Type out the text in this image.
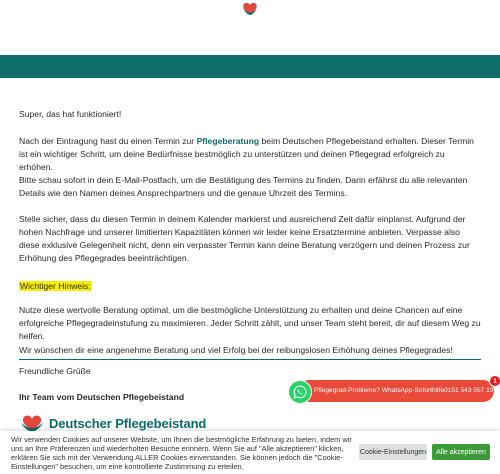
Super, das hat funktioniert!

Nach der Eintragung hast du einen Termin zur Pflegeberatung beim Deutschen Pflegebeistand erhalten. Dieser Termin ist ein wichtiger Schritt, um deine Bedürfnisse bestmöglich zu unterstützen und deinen Pflegegrad erfolgreich zu erhöhen.

Bitte schau sofort in dein E-Mail-Postfach, um die Bestätigung des Termins zu finden. Darin erfährst du alle relevanten Details wie den Namen deines Ansprechpartners und die genaue Uhrzeit des Termins.

Stelle sicher, dass du diesen Termin in deinem Kalender markierst und ausreichend Zeit dafür einplanst. Aufgrund der hohen Nachfrage und unserer limitierten Kapazitäten können wir leider keine Ersatztermine anbieten. Verpasse also diese exklusive Gelegenheit nicht, denn ein verpasster Termin kann deine Beratung verzögern und deinen Prozess zur Erhöhung des Pflegegrades beeinträchtigen.

Wichtiger Hinweis:

Nutze diese wertvolle Beratung optimal, um die bestmögliche Unterstützung zu erhalten und deine Chancen auf eine erfolgreiche Pflegegradeinstufung zu maximieren. Jeder Schritt zählt, und unser Team steht bereit, dir auf diesem Weg zu helfen.

Wir wünschen dir eine angenehme Beratung und viel Erfolg bei der reibungslosen Erhöhung deines Pflegegrades!

Freundliche Grüße

Ihr Team vom Deutschen Pflegebeistand

Deutscher Pflegebeistand
Pflegegrad-Probleme? WhatsApp-Soforthilfe 0151 543 057 19
1
Wir verwenden Cookies auf unserer Website, um Ihnen die bestmögliche Erfahrung zu bieten, indem wir uns an Ihre Präferenzen und wiederholten Besuche erinnern. Wenn Sie auf "Alle akzeptieren" klicken, erklären Sie sich mit der Verwendung ALLER Cookies einverstanden. Sie können jedoch die "Cookie-Einstellungen" besuchen, um eine kontrollierte Zustimmung zu erteilen.
Cookie-Einstellungen	Alle akzeptieren
